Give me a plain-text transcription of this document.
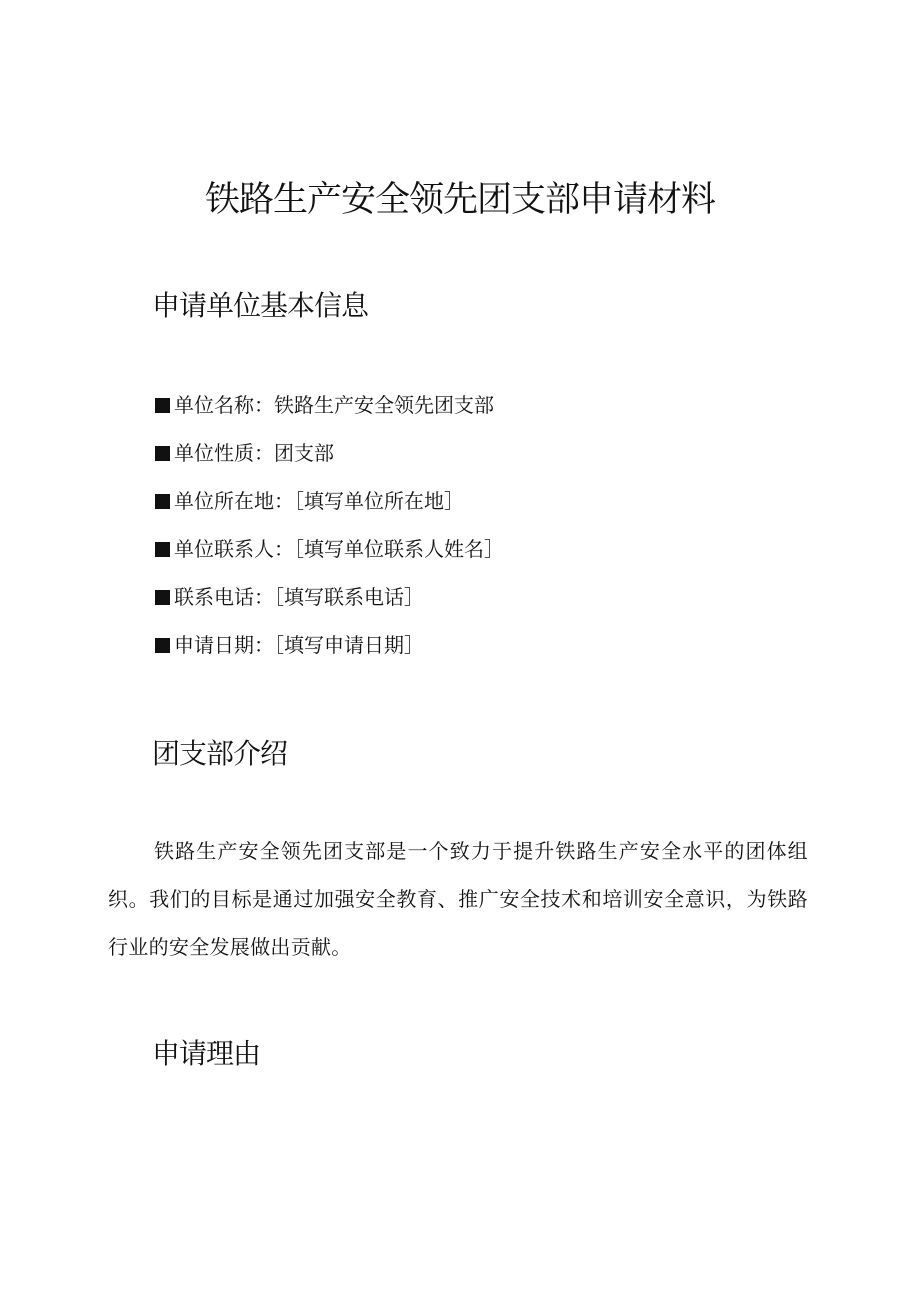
铁路生产安全领先团支部申请材料
申请单位基本信息
单位名称：铁路生产安全领先团支部
单位性质：团支部
单位所在地：［填写单位所在地］
单位联系人：［填写单位联系人姓名］
联系电话：［填写联系电话］
申请日期：［填写申请日期］
团支部介绍

铁路生产安全领先团支部是一个致力于提升铁路生产安全水平的团体组织。我们的目标是通过加强安全教育、推广安全技术和培训安全意识，为铁路行业的安全发展做出贡献。

申请理由
